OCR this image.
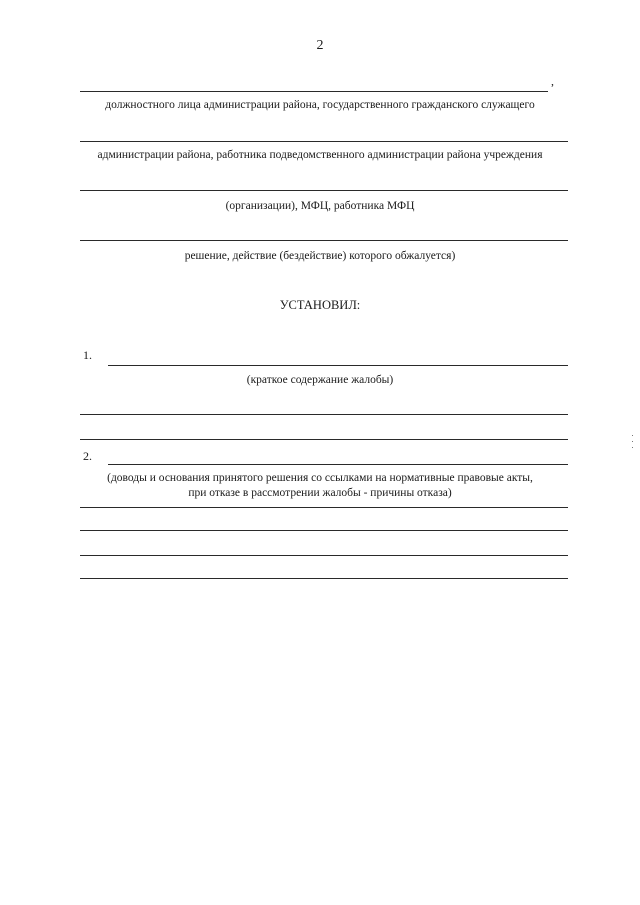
2
,
должностного лица администрации района, государственного гражданского служащего
администрации района, работника подведомственного администрации района учреждения
(организации), МФЦ, работника МФЦ
решение, действие (бездействие) которого обжалуется)
УСТАНОВИЛ:
1.
(краткое содержание жалобы)
2.
(доводы и основания принятого решения со ссылками на нормативные правовые акты,
при отказе в рассмотрении жалобы - причины отказа)
